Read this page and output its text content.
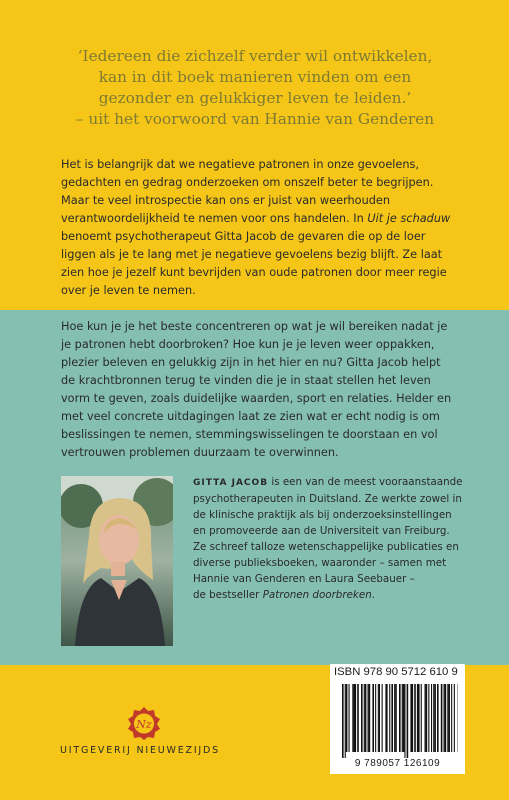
‘Iedereen die zichzelf verder wil ontwikkelen,
kan in dit boek manieren vinden om een
gezonder en gelukkiger leven te leiden.’
– uit het voorwoord van Hannie van Genderen
Het is belangrijk dat we negatieve patronen in onze gevoelens,
gedachten en gedrag onderzoeken om onszelf beter te begrijpen.
Maar te veel introspectie kan ons er juist van weerhouden
verantwoordelijkheid te nemen voor ons handelen. In Uit je schaduw
benoemt psychotherapeut Gitta Jacob de gevaren die op de loer
liggen als je te lang met je negatieve gevoelens bezig blijft. Ze laat
zien hoe je jezelf kunt bevrijden van oude patronen door meer regie
over je leven te nemen.
Hoe kun je je het beste concentreren op wat je wil bereiken nadat je
je patronen hebt doorbroken? Hoe kun je je leven weer oppakken,
plezier beleven en gelukkig zijn in het hier en nu? Gitta Jacob helpt
de krachtbronnen terug te vinden die je in staat stellen het leven
vorm te geven, zoals duidelijke waarden, sport en relaties. Helder en
met veel concrete uitdagingen laat ze zien wat er echt nodig is om
beslissingen te nemen, stemmingswisselingen te doorstaan en vol
vertrouwen problemen duurzaam te overwinnen.
GITTA JACOB is een van de meest vooraanstaande
psychotherapeuten in Duitsland. Ze werkte zowel in
de klinische praktijk als bij onderzoeksinstellingen
en promoveerde aan de Universiteit van Freiburg.
Ze schreef talloze wetenschappelijke publicaties en
diverse publieksboeken, waaronder – samen met
Hannie van Genderen en Laura Seebauer –
de bestseller Patronen doorbreken.
ISBN 978 90 5712 610 9
9 789057 126109
Nz
UITGEVERIJ NIEUWEZIJDS
